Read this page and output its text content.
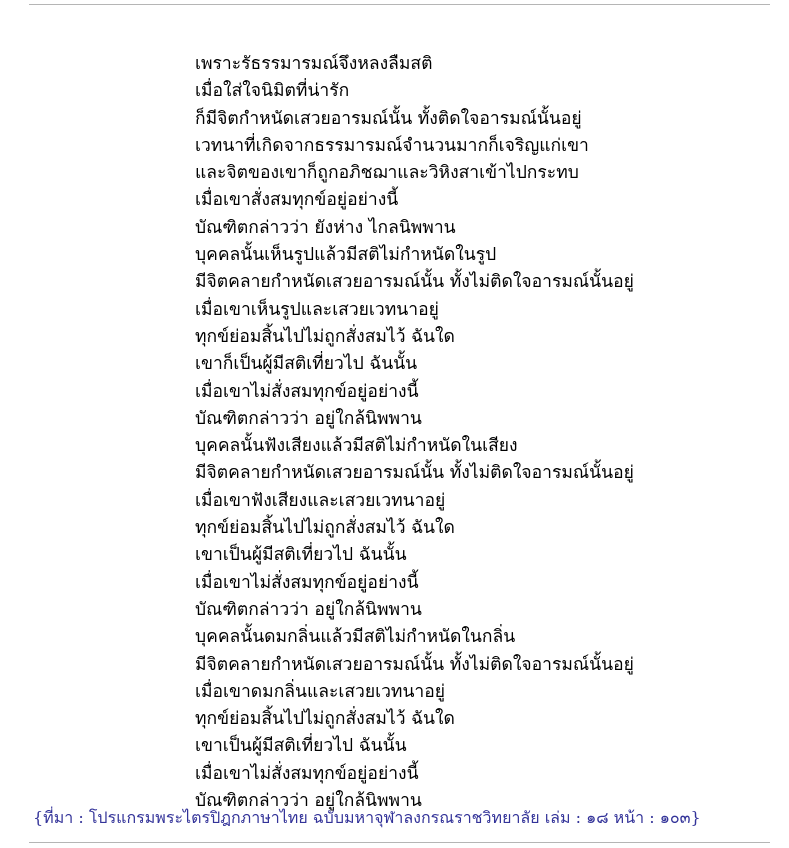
เพราะรัธรรมารมณ์จึงหลงลืมสติ
เมื่อใส่ใจนิมิตที่น่ารัก
ก็มีจิตกำหนัดเสวยอารมณ์นั้น ทั้งติดใจอารมณ์นั้นอยู่
เวทนาที่เกิดจากธรรมารมณ์จำนวนมากก็เจริญแก่เขา
และจิตของเขาก็ถูกอภิชฌาและวิหิงสาเข้าไปกระทบ
เมื่อเขาสั่งสมทุกข์อยู่อย่างนี้
บัณฑิตกล่าวว่า ยังห่าง ไกลนิพพาน
บุคคลนั้นเห็นรูปแล้วมีสติไม่กำหนัดในรูป
มีจิตคลายกำหนัดเสวยอารมณ์นั้น ทั้งไม่ติดใจอารมณ์นั้นอยู่
เมื่อเขาเห็นรูปและเสวยเวทนาอยู่
ทุกข์ย่อมสิ้นไปไม่ถูกสั่งสมไว้ ฉันใด
เขาก็เป็นผู้มีสติเที่ยวไป ฉันนั้น
เมื่อเขาไม่สั่งสมทุกข์อยู่อย่างนี้
บัณฑิตกล่าวว่า อยู่ใกล้นิพพาน
บุคคลนั้นฟังเสียงแล้วมีสติไม่กำหนัดในเสียง
มีจิตคลายกำหนัดเสวยอารมณ์นั้น ทั้งไม่ติดใจอารมณ์นั้นอยู่
เมื่อเขาฟังเสียงและเสวยเวทนาอยู่
ทุกข์ย่อมสิ้นไปไม่ถูกสั่งสมไว้ ฉันใด
เขาเป็นผู้มีสติเที่ยวไป ฉันนั้น
เมื่อเขาไม่สั่งสมทุกข์อยู่อย่างนี้
บัณฑิตกล่าวว่า อยู่ใกล้นิพพาน
บุคคลนั้นดมกลิ่นแล้วมีสติไม่กำหนัดในกลิ่น
มีจิตคลายกำหนัดเสวยอารมณ์นั้น ทั้งไม่ติดใจอารมณ์นั้นอยู่
เมื่อเขาดมกลิ่นและเสวยเวทนาอยู่
ทุกข์ย่อมสิ้นไปไม่ถูกสั่งสมไว้ ฉันใด
เขาเป็นผู้มีสติเที่ยวไป ฉันนั้น
เมื่อเขาไม่สั่งสมทุกข์อยู่อย่างนี้
บัณฑิตกล่าวว่า อยู่ใกล้นิพพาน
{ที่มา : โปรแกรมพระไตรปิฎกภาษาไทย ฉบับมหาจุฬาลงกรณราชวิทยาลัย เล่ม : ๑๘ หน้า : ๑๐๓}
